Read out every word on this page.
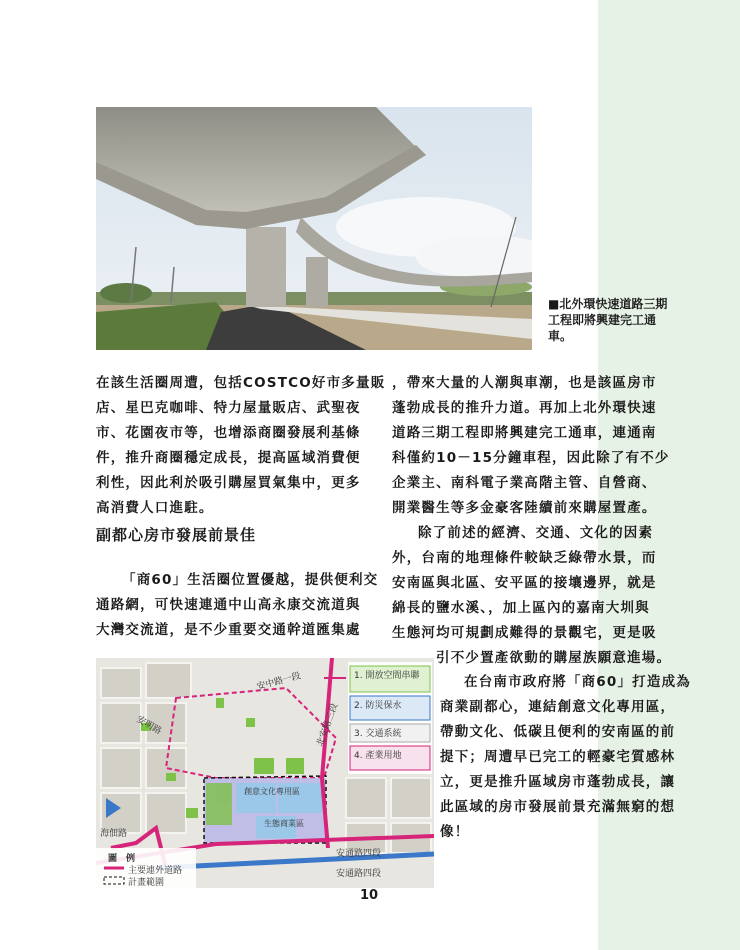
■北外環快速道路三期工程即將興建完工通車。
在該生活圈周遭，包括COSTCO好市多量販
店、星巴克咖啡、特力屋量販店、武聖夜
市、花園夜市等，也增添商圈發展利基條
件，推升商圈穩定成長，提高區域消費便
利性，因此利於吸引購屋買氣集中，更多
高消費人口進駐。
副都心房市發展前景佳
「商60」生活圈位置優越，提供便利交
通路網，可快速連通中山高永康交流道與
大灣交流道，是不少重要交通幹道匯集處
，帶來大量的人潮與車潮，也是該區房市
蓬勃成長的推升力道。再加上北外環快速
道路三期工程即將興建完工通車，連通南
科僅約10－15分鐘車程，因此除了有不少
企業主、南科電子業高階主管、自營商、
開業醫生等多金豪客陸續前來購屋置產。
除了前述的經濟、交通、文化的因素
外，台南的地理條件較缺乏綠帶水景，而
安南區與北區、安平區的接壤邊界，就是
綿長的鹽水溪、，加上區內的嘉南大圳與
生態河均可規劃成難得的景觀宅，更是吸
引不少置產欲動的購屋族願意進場。
在台南市政府將「商60」打造成為
商業副都心，連結創意文化專用區，
帶動文化、低碳且便利的安南區的前
提下；周遭早已完工的輕豪宅質感林
立，更是推升區域房市蓬勃成長，讓
此區域的房市發展前景充滿無窮的想
像！
圖　例
主要連外道路
計畫範圍
1. 開放空間串聯
2. 防災保水
3. 交通系統
4. 產業用地
安中路一段
北安路三段
安通路四段
海佃路
安通路四段
創意文化專用區
生態商業區
安明路
10
